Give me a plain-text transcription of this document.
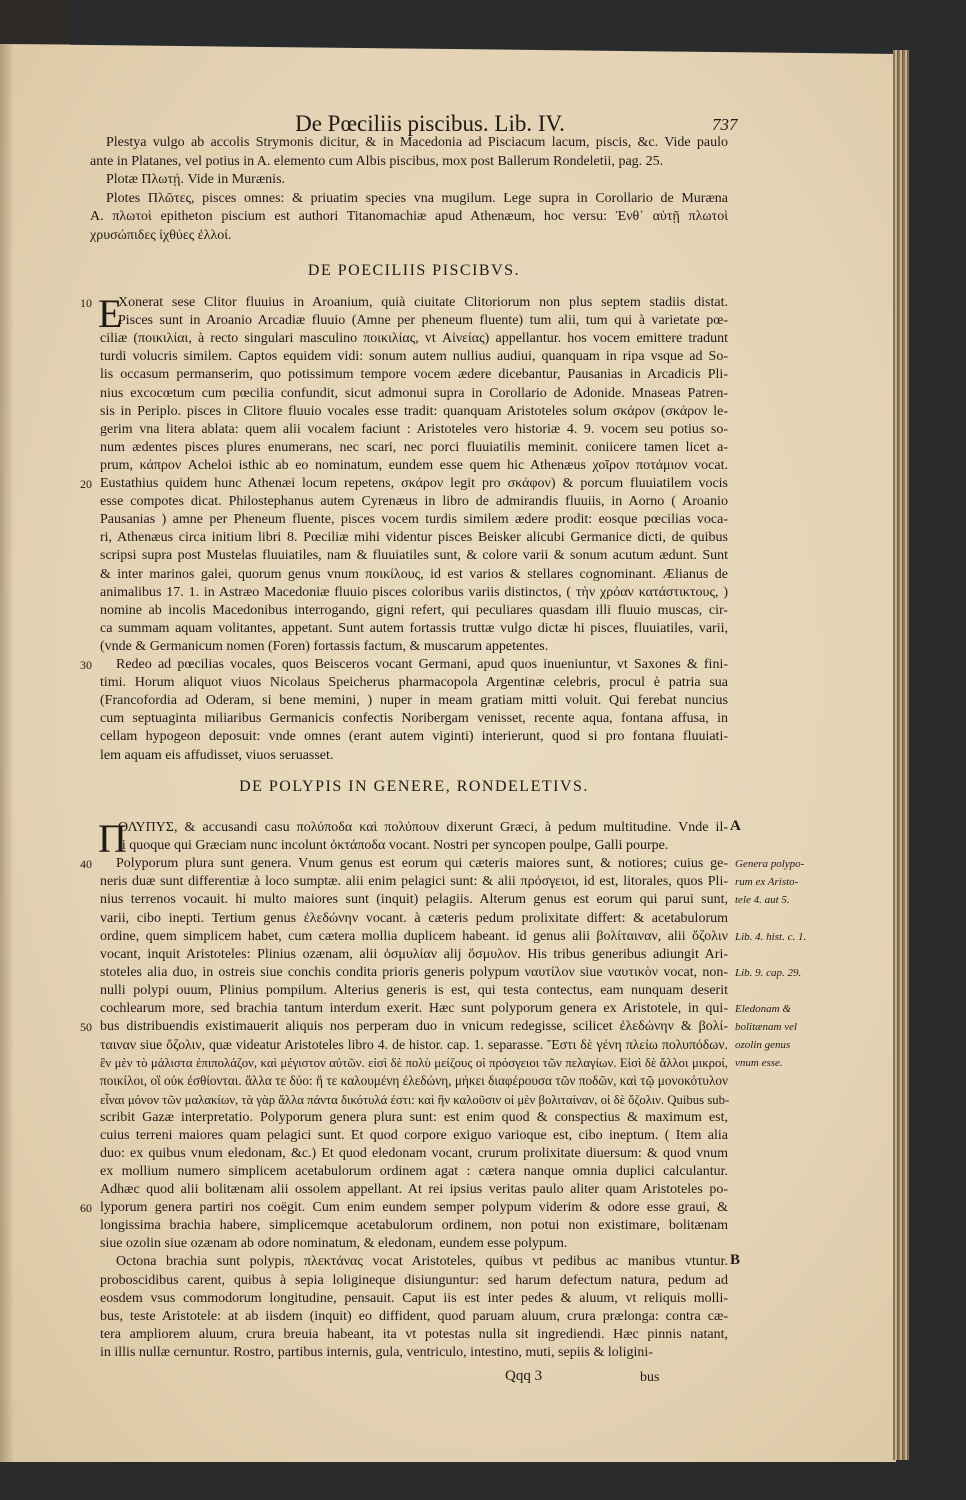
De Pœciliis piscibus. Lib. IV.	737
Plestya vulgo ab accolis Strymonis dicitur, & in Macedonia ad Pisciacum lacum, piscis, &c. Vide paulo
ante in Platanes, vel potius in A. elemento cum Albis piscibus, mox post Ballerum Rondeletii, pag. 25.
Plotæ Πλωτῄ. Vide in Murænis.
Plotes Πλῶτες, pisces omnes: & priuatim species vna mugilum. Lege supra in Corollario de Muræna
A. πλωτοὶ epitheton piscium est authori Titanomachiæ apud Athenæum, hoc versu: Ἐνθ᾽ αὐτῇ πλωτοὶ
χρυσώπιδες ἰχθύες ἐλλοί.
DE POECILIIS PISCIBVS.
E
Xonerat sese Clitor fluuius in Aroanium, quià ciuitate Clitoriorum non plus septem stadiis distat.
Pisces sunt in Aroanio Arcadiæ fluuio (Amne per pheneum fluente) tum alii, tum qui à varietate pœ-
ciliæ (ποικιλίαι, à recto singulari masculino ποικιλίας, vt Αἰνείας) appellantur. hos vocem emittere tradunt
turdi volucris similem. Captos equidem vidi: sonum autem nullius audiui, quanquam in ripa vsque ad So-
lis occasum permanserim, quo potissimum tempore vocem ædere dicebantur, Pausanias in Arcadicis Pli-
nius excocœtum cum pœcilia confundit, sicut admonui supra in Corollario de Adonide. Mnaseas Patren-
sis in Periplo. pisces in Clitore fluuio vocales esse tradit: quanquam Aristoteles solum σκάρον (σκάρον le-
gerim vna litera ablata: quem alii vocalem faciunt : Aristoteles vero historiæ 4. 9. vocem seu potius so-
num ædentes pisces plures enumerans, nec scari, nec porci fluuiatilis meminit. coniicere tamen licet a-
prum, κάπρον Acheloi isthic ab eo nominatum, eundem esse quem hic Athenæus χοῖρον ποτάμιον vocat.
Eustathius quidem hunc Athenæi locum repetens, σκάρον legit pro σκάφον) & porcum fluuiatilem vocis
esse compotes dicat. Philostephanus autem Cyrenæus in libro de admirandis fluuiis, in Aorno ( Aroanio
Pausanias ) amne per Pheneum fluente, pisces vocem turdis similem ædere prodit: eosque pœcilias voca-
ri, Athenæus circa initium libri 8. Pœciliæ mihi videntur pisces Beisker alicubi Germanice dicti, de quibus
scripsi supra post Mustelas fluuiatiles, nam & fluuiatiles sunt, & colore varii & sonum acutum ædunt. Sunt
& inter marinos galei, quorum genus vnum ποικίλους, id est varios & stellares cognominant. Ælianus de
animalibus 17. 1. in Astræo Macedoniæ fluuio pisces coloribus variis distinctos, ( τὴν χρόαν κατάστικτους, )
nomine ab incolis Macedonibus interrogando, gigni refert, qui peculiares quasdam illi fluuio muscas, cir-
ca summam aquam volitantes, appetant. Sunt autem fortassis truttæ vulgo dictæ hi pisces, fluuiatiles, varii,
(vnde & Germanicum nomen (Foren) fortassis factum, & muscarum appetentes.
Redeo ad pœcilias vocales, quos Beisceros vocant Germani, apud quos inueniuntur, vt Saxones & fini-
timi. Horum aliquot viuos Nicolaus Speicherus pharmacopola Argentinæ celebris, procul è patria sua
(Francofordia ad Oderam, si bene memini, ) nuper in meam gratiam mitti voluit. Qui ferebat nuncius
cum septuaginta miliaribus Germanicis confectis Noribergam venisset, recente aqua, fontana affusa, in
cellam hypogeon deposuit: vnde omnes (erant autem viginti) interierunt, quod si pro fontana fluuiati-
lem aquam eis affudisset, viuos seruasset.
DE POLYPIS IN GENERE, RONDELETIVS.
Π
ΟΛΥΠΥΣ, & accusandi casu πολύποδα καὶ πολύπουν dixerunt Græci, à pedum multitudine. Vnde il-
li quoque qui Græciam nunc incolunt ὀκτάποδα vocant. Nostri per syncopen poulpe, Galli pourpe.
Polyporum plura sunt genera. Vnum genus est eorum qui cæteris maiores sunt, & notiores; cuius ge-
neris duæ sunt differentiæ à loco sumptæ. alii enim pelagici sunt: & alii πρόσγειοι, id est, litorales, quos Pli-
nius terrenos vocauit. hi multo maiores sunt (inquit) pelagiis. Alterum genus est eorum qui parui sunt,
varii, cibo inepti. Tertium genus ἐλεδώνην vocant. à cæteris pedum prolixitate differt: & acetabulorum
ordine, quem simplicem habet, cum cætera mollia duplicem habeant. id genus alii βολίταιναν, alii ὄζολιν
vocant, inquit Aristoteles: Plinius ozænam, alii ὀσμυλίαν alij ὄσμυλον. His tribus generibus adiungit Ari-
stoteles alia duo, in ostreis siue conchis condita prioris generis polypum ναυτίλον siue ναυτικὸν vocat, non-
nulli polypi ouum, Plinius pompilum. Alterius generis is est, qui testa contectus, eam nunquam deserit
cochlearum more, sed brachia tantum interdum exerit. Hæc sunt polyporum genera ex Aristotele, in qui-
bus distribuendis existimauerit aliquis nos perperam duo in vnicum redegisse, scilicet ἐλεδώνην & βολί-
ταιναν siue ὄζολιν, quæ videatur Aristoteles libro 4. de histor. cap. 1. separasse. Ἔστι δὲ γένη πλείω πολυπόδων.
ἓν μὲν τὸ μάλιστα ἐπιπολάζον, καὶ μέγιστον αὐτῶν. εἰσὶ δὲ πολὺ μείζους οἱ πρόσγειοι τῶν πελαγίων. Εἰσὶ δὲ ἄλλοι μικροί,
ποικίλοι, οἳ οὐκ ἐσθίονται. ἄλλα τε δύο: ἥ τε καλουμένη ἐλεδώνη, μήκει διαφέρουσα τῶν ποδῶν, καὶ τῷ μονοκότυλον
εἶναι μόνον τῶν μαλακίων, τὰ γὰρ ἄλλα πάντα δικότυλά ἐστι: καὶ ἣν καλοῦσιν οἱ μὲν βολιταίναν, οἱ δὲ ὄζολιν. Quibus sub-
scribit Gazæ interpretatio. Polyporum genera plura sunt: est enim quod & conspectius & maximum est,
cuius terreni maiores quam pelagici sunt. Et quod corpore exiguo varioque est, cibo ineptum. ( Item alia
duo: ex quibus vnum eledonam, &c.) Et quod eledonam vocant, crurum prolixitate diuersum: & quod vnum
ex mollium numero simplicem acetabulorum ordinem agat : cætera nanque omnia duplici calculantur.
Adhæc quod alii bolitænam alii ossolem appellant. At rei ipsius veritas paulo aliter quam Aristoteles po-
lyporum genera partiri nos coëgit. Cum enim eundem semper polypum viderim & odore esse graui, &
longissima brachia habere, simplicemque acetabulorum ordinem, non potui non existimare, bolitænam
siue ozolin siue ozænam ab odore nominatum, & eledonam, eundem esse polypum.
Octona brachia sunt polypis, πλεκτάνας vocat Aristoteles, quibus vt pedibus ac manibus vtuntur.
proboscidibus carent, quibus à sepia loligineque disiunguntur: sed harum defectum natura, pedum ad
eosdem vsus commodorum longitudine, pensauit. Caput iis est inter pedes & aluum, vt reliquis molli-
bus, teste Aristotele: at ab iisdem (inquit) eo diffident, quod paruam aluum, crura prælonga: contra cæ-
tera ampliorem aluum, crura breuia habeant, ita vt potestas nulla sit ingrediendi. Hæc pinnis natant,
in illis nullæ cernuntur. Rostro, partibus internis, gula, ventriculo, intestino, muti, sepiis & loligini-
10
20
30
40
50
60
A
B
Genera polypo-
rum ex Aristo-
tele 4. aut 5.
Lib. 4. hist. c. 1.
Lib. 9. cap. 29.
Eledonam &
bolitænam vel
ozolin genus
vnum esse.
Qqq 3	bus
